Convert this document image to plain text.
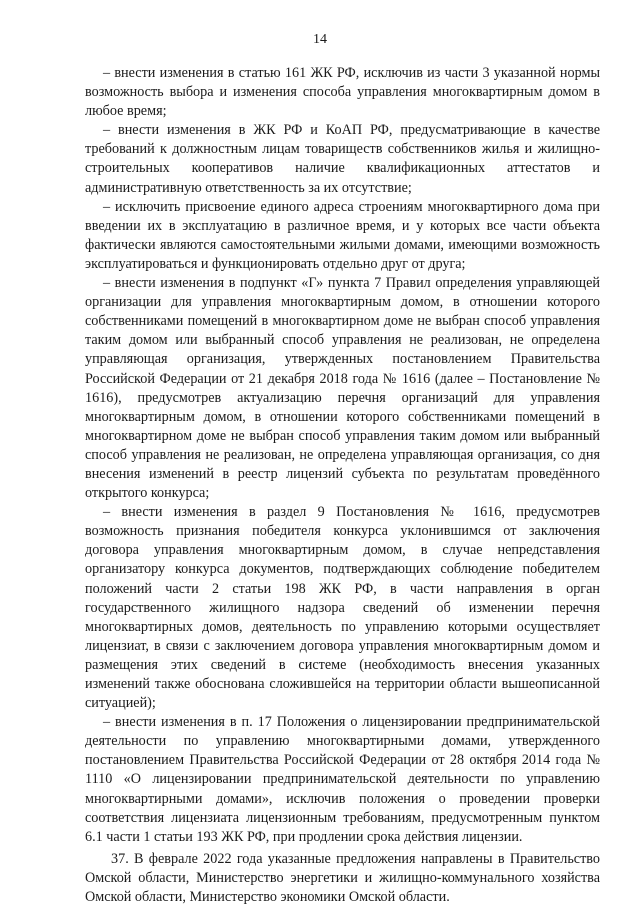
14

– внести изменения в статью 161 ЖК РФ, исключив из части 3 указанной нормы возможность выбора и изменения способа управления многоквартирным домом в любое время;

– внести изменения в ЖК РФ и КоАП РФ, предусматривающие в качестве требований к должностным лицам товариществ собственников жилья и жилищно-строительных кооперативов наличие квалификационных аттестатов и административную ответственность за их отсутствие;

– исключить присвоение единого адреса строениям многоквартирного дома при введении их в эксплуатацию в различное время, и у которых все части объекта фактически являются самостоятельными жилыми домами, имеющими возможность эксплуатироваться и функционировать отдельно друг от друга;

– внести изменения в подпункт «Г» пункта 7 Правил определения управляющей организации для управления многоквартирным домом, в отношении которого собственниками помещений в многоквартирном доме не выбран способ управления таким домом или выбранный способ управления не реализован, не определена управляющая организация, утвержденных постановлением Правительства Российской Федерации от 21 декабря 2018 года № 1616 (далее – Постановление № 1616), предусмотрев актуализацию перечня организаций для управления многоквартирным домом, в отношении которого собственниками помещений в многоквартирном доме не выбран способ управления таким домом или выбранный способ управления не реализован, не определена управляющая организация, со дня внесения изменений в реестр лицензий субъекта по результатам проведённого открытого конкурса;

– внести изменения в раздел 9 Постановления № 1616, предусмотрев возможность признания победителя конкурса уклонившимся от заключения договора управления многоквартирным домом, в случае непредставления организатору конкурса документов, подтверждающих соблюдение победителем положений части 2 статьи 198 ЖК РФ, в части направления в орган государственного жилищного надзора сведений об изменении перечня многоквартирных домов, деятельность по управлению которыми осуществляет лицензиат, в связи с заключением договора управления многоквартирным домом и размещения этих сведений в системе (необходимость внесения указанных изменений также обоснована сложившейся на территории области вышеописанной ситуацией);

– внести изменения в п. 17 Положения о лицензировании предпринимательской деятельности по управлению многоквартирными домами, утвержденного постановлением Правительства Российской Федерации от 28 октября 2014 года № 1110 «О лицензировании предпринимательской деятельности по управлению многоквартирными домами», исключив положения о проведении проверки соответствия лицензиата лицензионным требованиям, предусмотренным пунктом 6.1 части 1 статьи 193 ЖК РФ, при продлении срока действия лицензии.

37. В феврале 2022 года указанные предложения направлены в Правительство Омской области, Министерство энергетики и жилищно-коммунального хозяйства Омской области, Министерство экономики Омской области.
